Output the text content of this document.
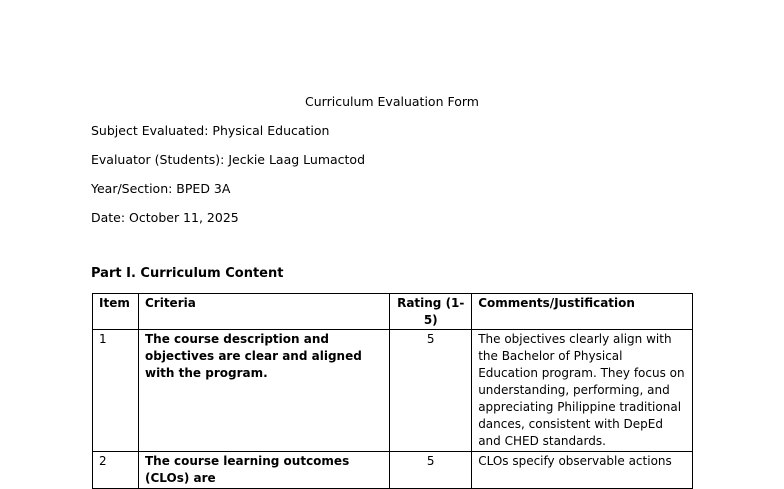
Curriculum Evaluation Form
Subject Evaluated: Physical Education
Evaluator (Students): Jeckie Laag Lumactod
Year/Section: BPED 3A
Date: October 11, 2025
Part I. Curriculum Content
Item	Criteria	Rating (1-5)	Comments/Justification
1	The course description and objectives are clear and aligned with the program.	5	The objectives clearly align with the Bachelor of Physical Education program. They focus on understanding, performing, and appreciating Philippine traditional dances, consistent with DepEd and CHED standards.
2	The course learning outcomes (CLOs) are	5	CLOs specify observable actions
